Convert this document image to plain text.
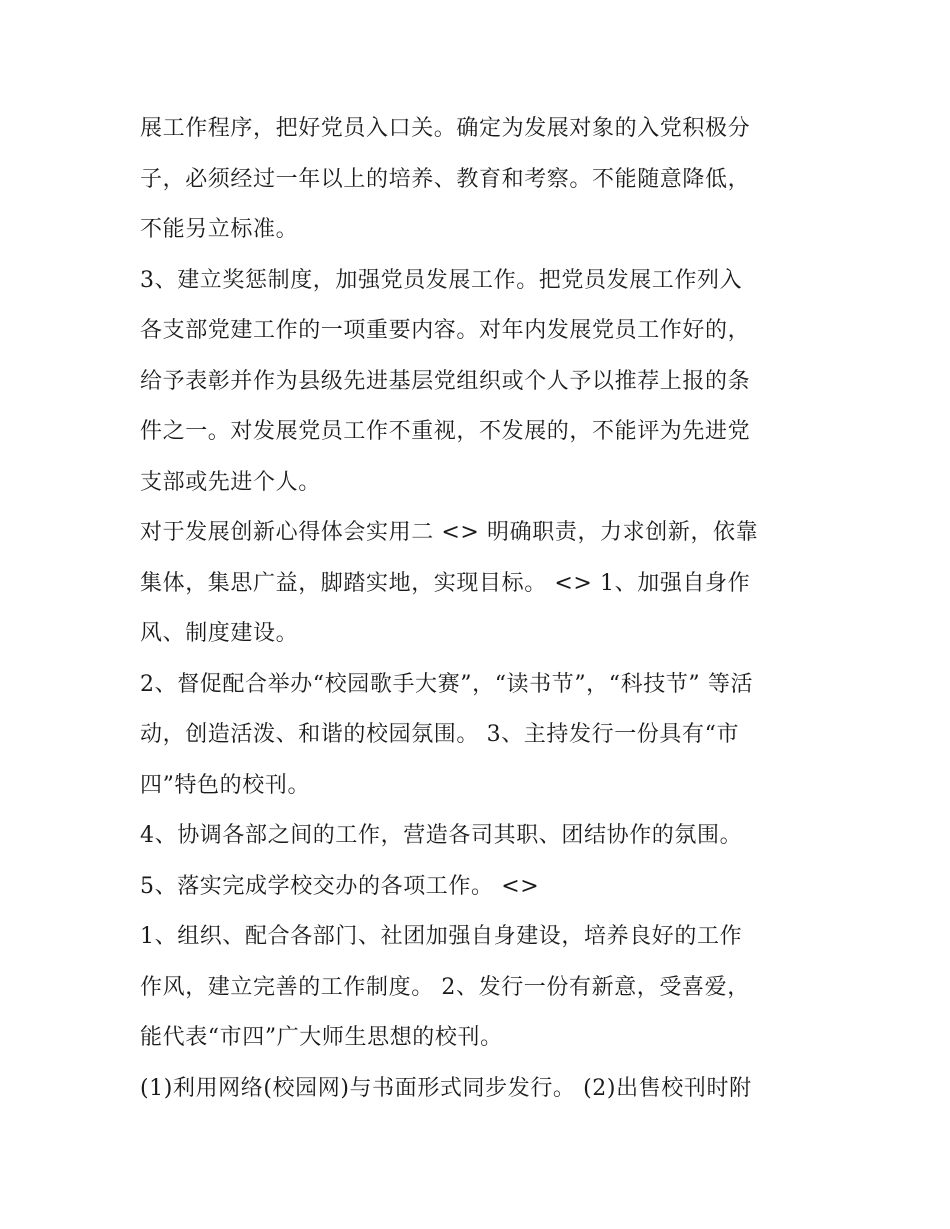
展工作程序，把好党员入口关。确定为发展对象的入党积极分
子，必须经过一年以上的培养、教育和考察。不能随意降低，
不能另立标准。
3、建立奖惩制度，加强党员发展工作。把党员发展工作列入
各支部党建工作的一项重要内容。对年内发展党员工作好的，
给予表彰并作为县级先进基层党组织或个人予以推荐上报的条
件之一。对发展党员工作不重视，不发展的，不能评为先进党
支部或先进个人。
对于发展创新心得体会实用二 <> 明确职责，力求创新，依靠
集体，集思广益，脚踏实地，实现目标。 <> 1、加强自身作
风、制度建设。
2、督促配合举办“校园歌手大赛”，“读书节”，“科技节” 等活
动，创造活泼、和谐的校园氛围。 3、主持发行一份具有“市
四”特色的校刊。
4、协调各部之间的工作，营造各司其职、团结协作的氛围。
5、落实完成学校交办的各项工作。 <>
1、组织、配合各部门、社团加强自身建设，培养良好的工作
作风，建立完善的工作制度。 2、发行一份有新意，受喜爱，
能代表“市四”广大师生思想的校刊。
(1)利用网络(校园网)与书面形式同步发行。 (2)出售校刊时附
